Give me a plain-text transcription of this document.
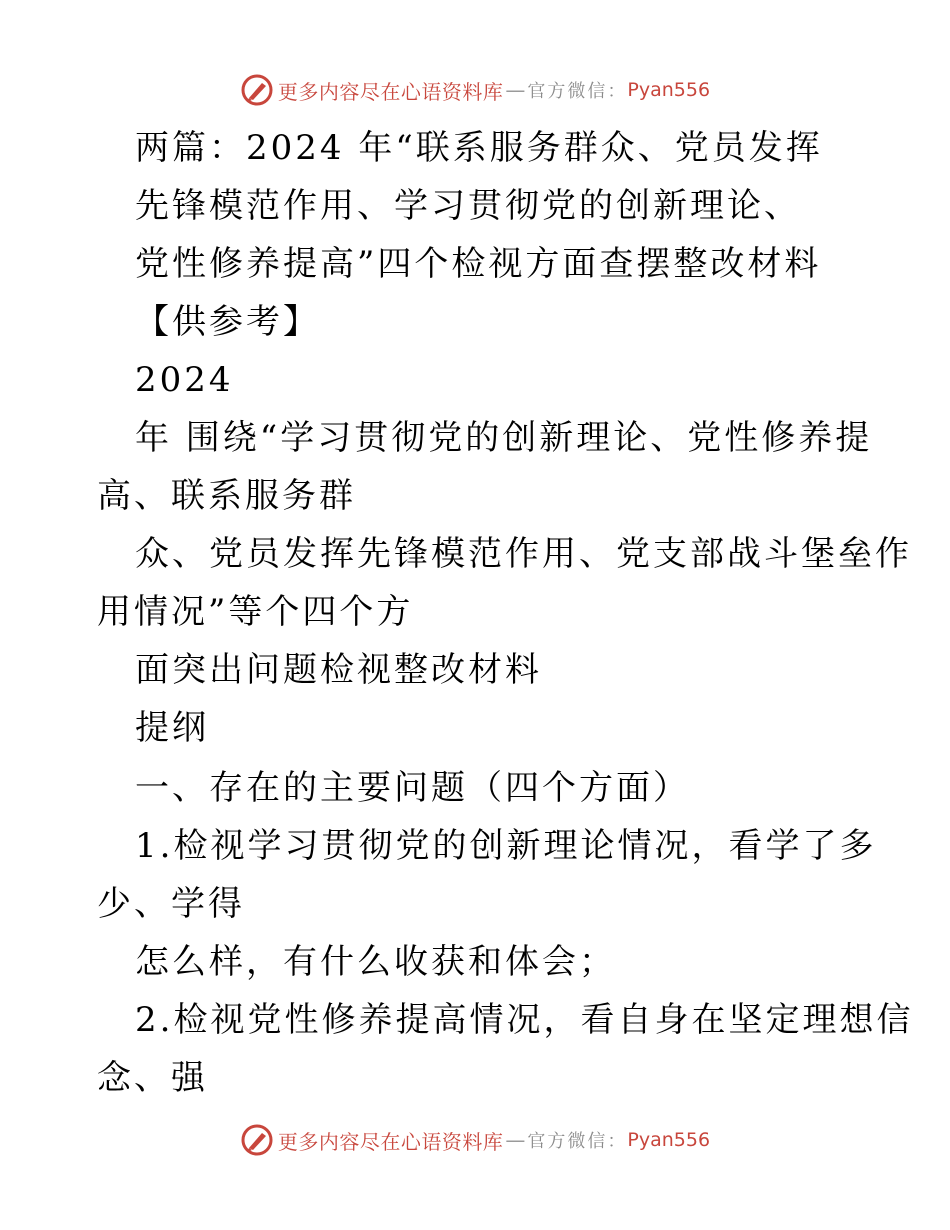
更多内容尽在心语资料库 — 官方微信： Pyan556
两篇：2024 年“联系服务群众、党员发挥
先锋模范作用、学习贯彻党的创新理论、
党性修养提高”四个检视方面查摆整改材料
【供参考】
2024
年 围绕“学习贯彻党的创新理论、党性修养提
高、联系服务群
众、党员发挥先锋模范作用、党支部战斗堡垒作
用情况”等个四个方
面突出问题检视整改材料
提纲
一、存在的主要问题（四个方面）
1.检视学习贯彻党的创新理论情况，看学了多
少、学得
怎么样，有什么收获和体会；
2.检视党性修养提高情况，看自身在坚定理想信
念、强
更多内容尽在心语资料库 — 官方微信： Pyan556
